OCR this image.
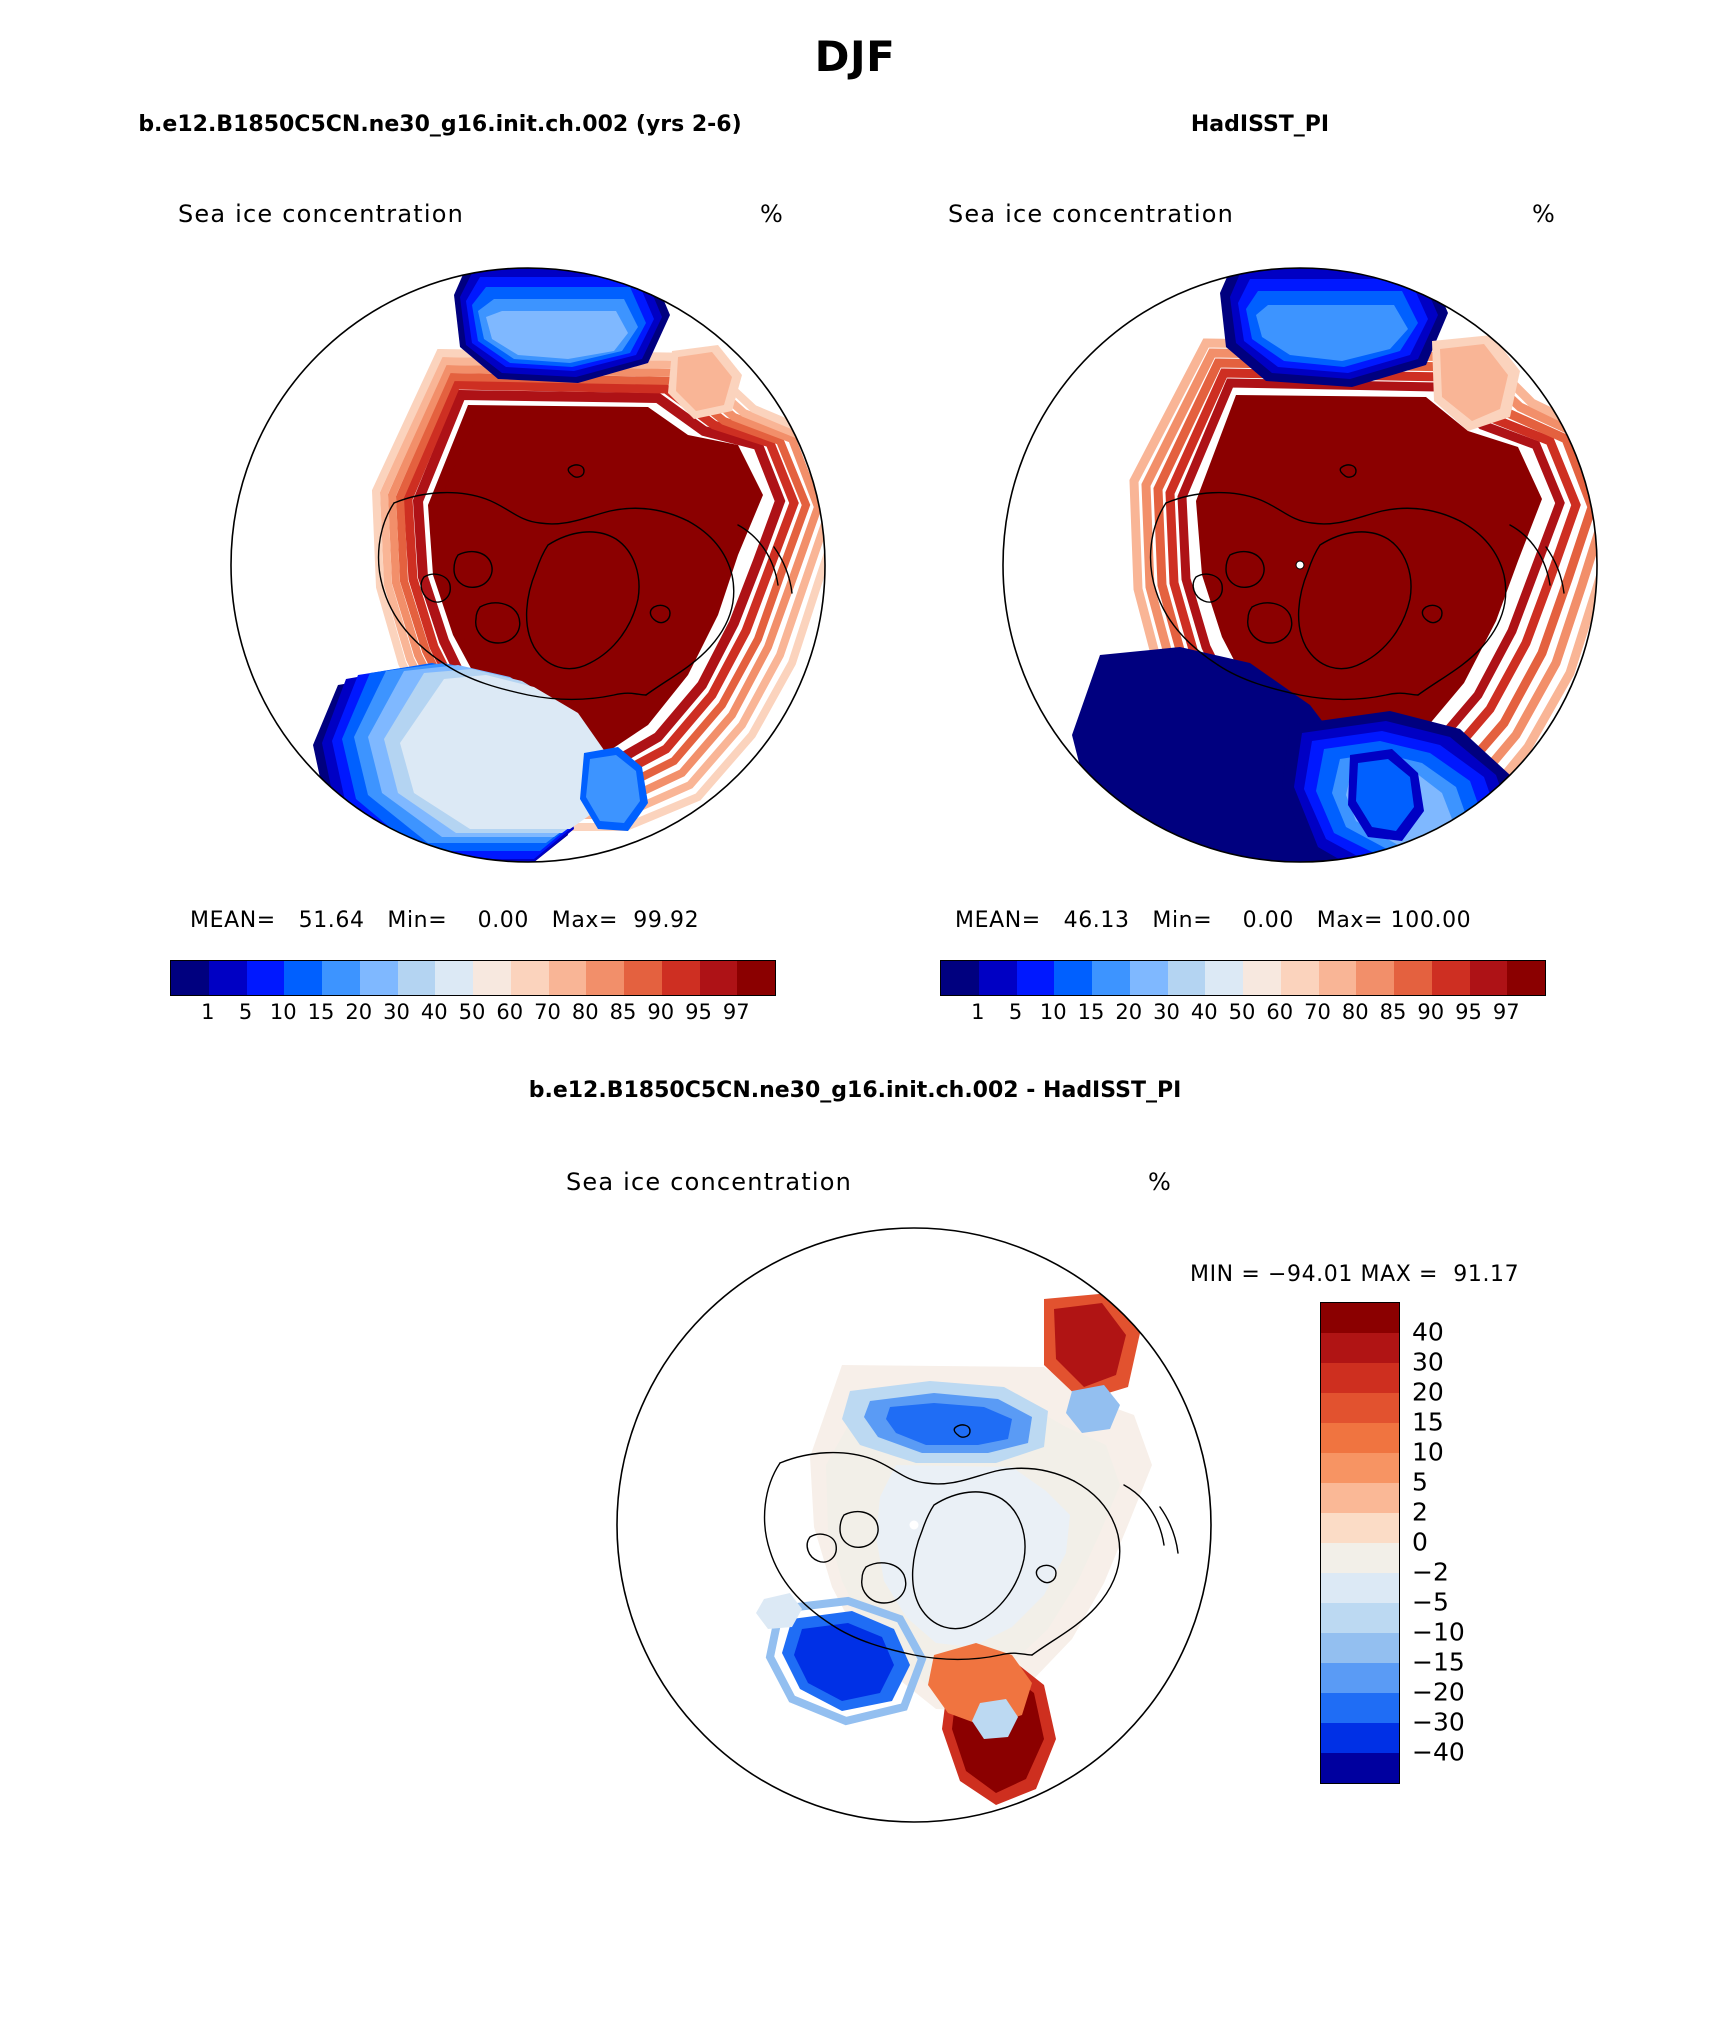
DJF
b.e12.B1850C5CN.ne30_g16.init.ch.002 (yrs 2-6)
Sea ice concentration	%
MEAN=   51.64   Min=    0.00   Max=  99.92
1 5 10 15 20 30 40 50 60 70 80 85 90 95 97
HadISST_PI
Sea ice concentration	%
MEAN=   46.13   Min=    0.00   Max= 100.00
1 5 10 15 20 30 40 50 60 70 80 85 90 95 97
b.e12.B1850C5CN.ne30_g16.init.ch.002 - HadISST_PI
Sea ice concentration	%
MIN = −94.01 MAX =  91.17
40
30
20
15
10
5
2
0
−2
−5
−10
−15
−20
−30
−40
